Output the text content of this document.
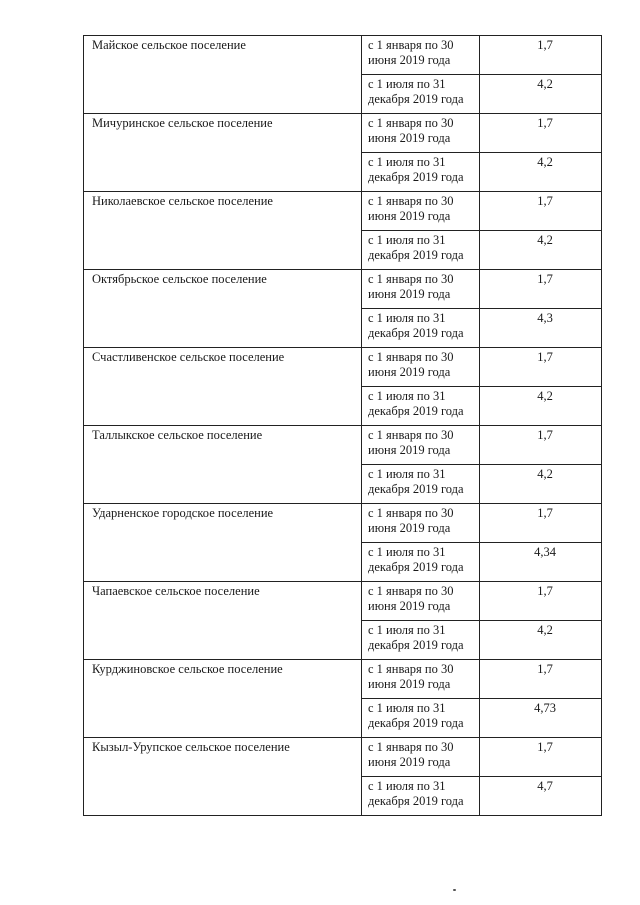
Майское сельское поселение	с 1 января по 30 июня 2019 года	1,7
	с 1 июля по 31 декабря 2019 года	4,2
Мичуринское сельское поселение	с 1 января по 30 июня 2019 года	1,7
	с 1 июля по 31 декабря 2019 года	4,2
Николаевское сельское поселение	с 1 января по 30 июня 2019 года	1,7
	с 1 июля по 31 декабря 2019 года	4,2
Октябрьское сельское поселение	с 1 января по 30 июня 2019 года	1,7
	с 1 июля по 31 декабря 2019 года	4,3
Счастливенское сельское поселение	с 1 января по 30 июня 2019 года	1,7
	с 1 июля по 31 декабря 2019 года	4,2
Таллыкское сельское поселение	с 1 января по 30 июня 2019 года	1,7
	с 1 июля по 31 декабря 2019 года	4,2
Ударненское городское поселение	с 1 января по 30 июня 2019 года	1,7
	с 1 июля по 31 декабря 2019 года	4,34
Чапаевское сельское поселение	с 1 января по 30 июня 2019 года	1,7
	с 1 июля по 31 декабря 2019 года	4,2
Курджиновское сельское поселение	с 1 января по 30 июня 2019 года	1,7
	с 1 июля по 31 декабря 2019 года	4,73
Кызыл-Урупское сельское поселение	с 1 января по 30 июня 2019 года	1,7
	с 1 июля по 31 декабря 2019 года	4,7
